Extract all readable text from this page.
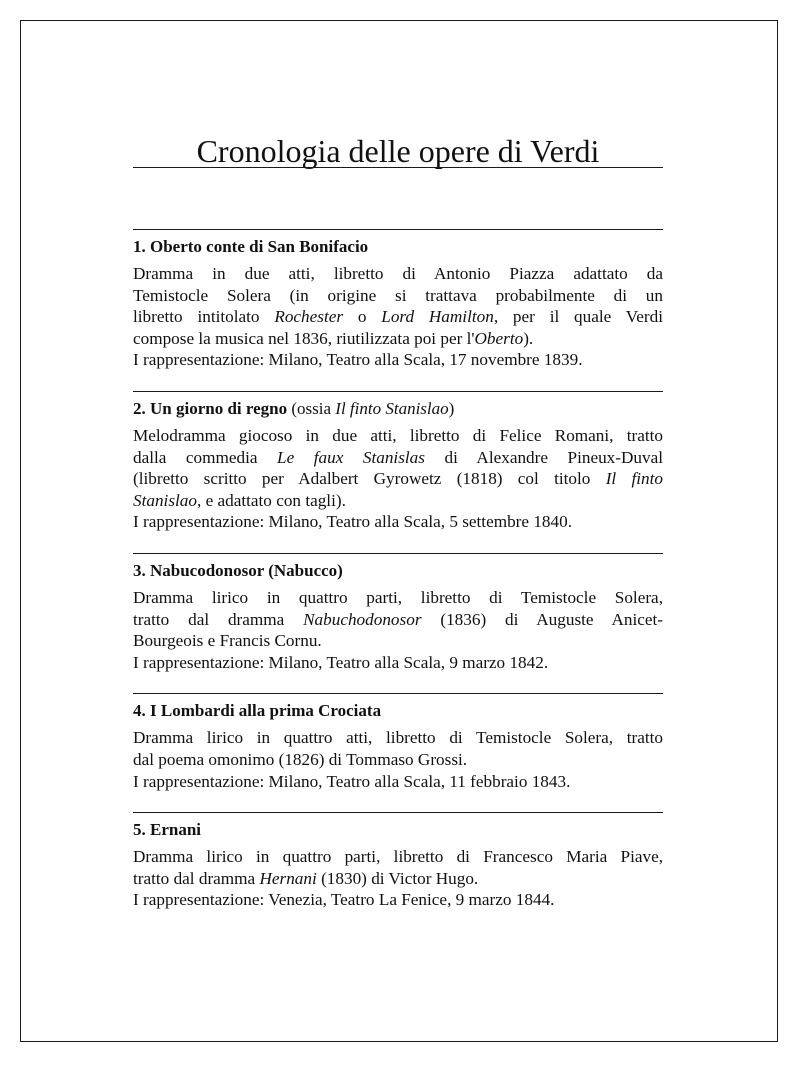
Cronologia delle opere di Verdi
1. Oberto conte di San Bonifacio
Dramma in due atti, libretto di Antonio Piazza adattato da
Temistocle Solera (in origine si trattava probabilmente di un
libretto intitolato Rochester o Lord Hamilton, per il quale Verdi
compose la musica nel 1836, riutilizzata poi per l'Oberto).
I rappresentazione: Milano, Teatro alla Scala, 17 novembre 1839.
2. Un giorno di regno (ossia Il finto Stanislao)
Melodramma giocoso in due atti, libretto di Felice Romani, tratto
dalla commedia Le faux Stanislas di Alexandre Pineux-Duval
(libretto scritto per Adalbert Gyrowetz (1818) col titolo Il finto
Stanislao, e adattato con tagli).
I rappresentazione: Milano, Teatro alla Scala, 5 settembre 1840.
3. Nabucodonosor (Nabucco)
Dramma lirico in quattro parti, libretto di Temistocle Solera,
tratto dal dramma Nabuchodonosor (1836) di Auguste Anicet-
Bourgeois e Francis Cornu.
I rappresentazione: Milano, Teatro alla Scala, 9 marzo 1842.
4. I Lombardi alla prima Crociata
Dramma lirico in quattro atti, libretto di Temistocle Solera, tratto
dal poema omonimo (1826) di Tommaso Grossi.
I rappresentazione: Milano, Teatro alla Scala, 11 febbraio 1843.
5. Ernani
Dramma lirico in quattro parti, libretto di Francesco Maria Piave,
tratto dal dramma Hernani (1830) di Victor Hugo.
I rappresentazione: Venezia, Teatro La Fenice, 9 marzo 1844.
